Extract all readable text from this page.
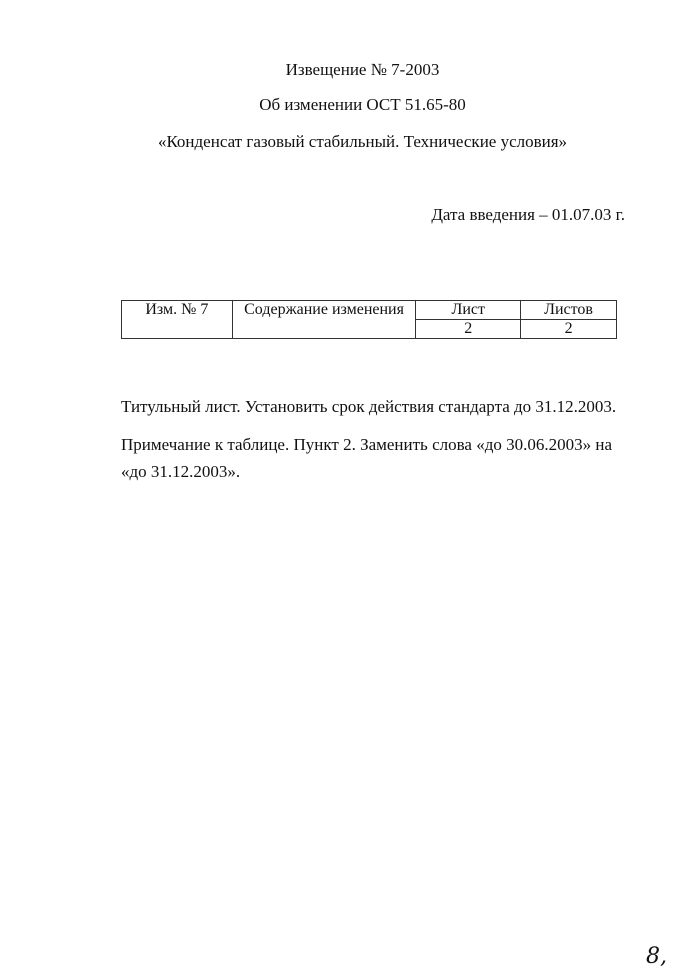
Извещение № 7-2003
Об изменении ОСТ 51.65-80
«Конденсат газовый стабильный. Технические условия»
Дата введения – 01.07.03 г.
Изм. № 7	Содержание изменения	Лист	Листов
		2	2
Титульный лист. Установить срок действия стандарта до 31.12.2003.
Примечание к таблице. Пункт 2. Заменить слова «до 30.06.2003» на
«до 31.12.2003».
8,
